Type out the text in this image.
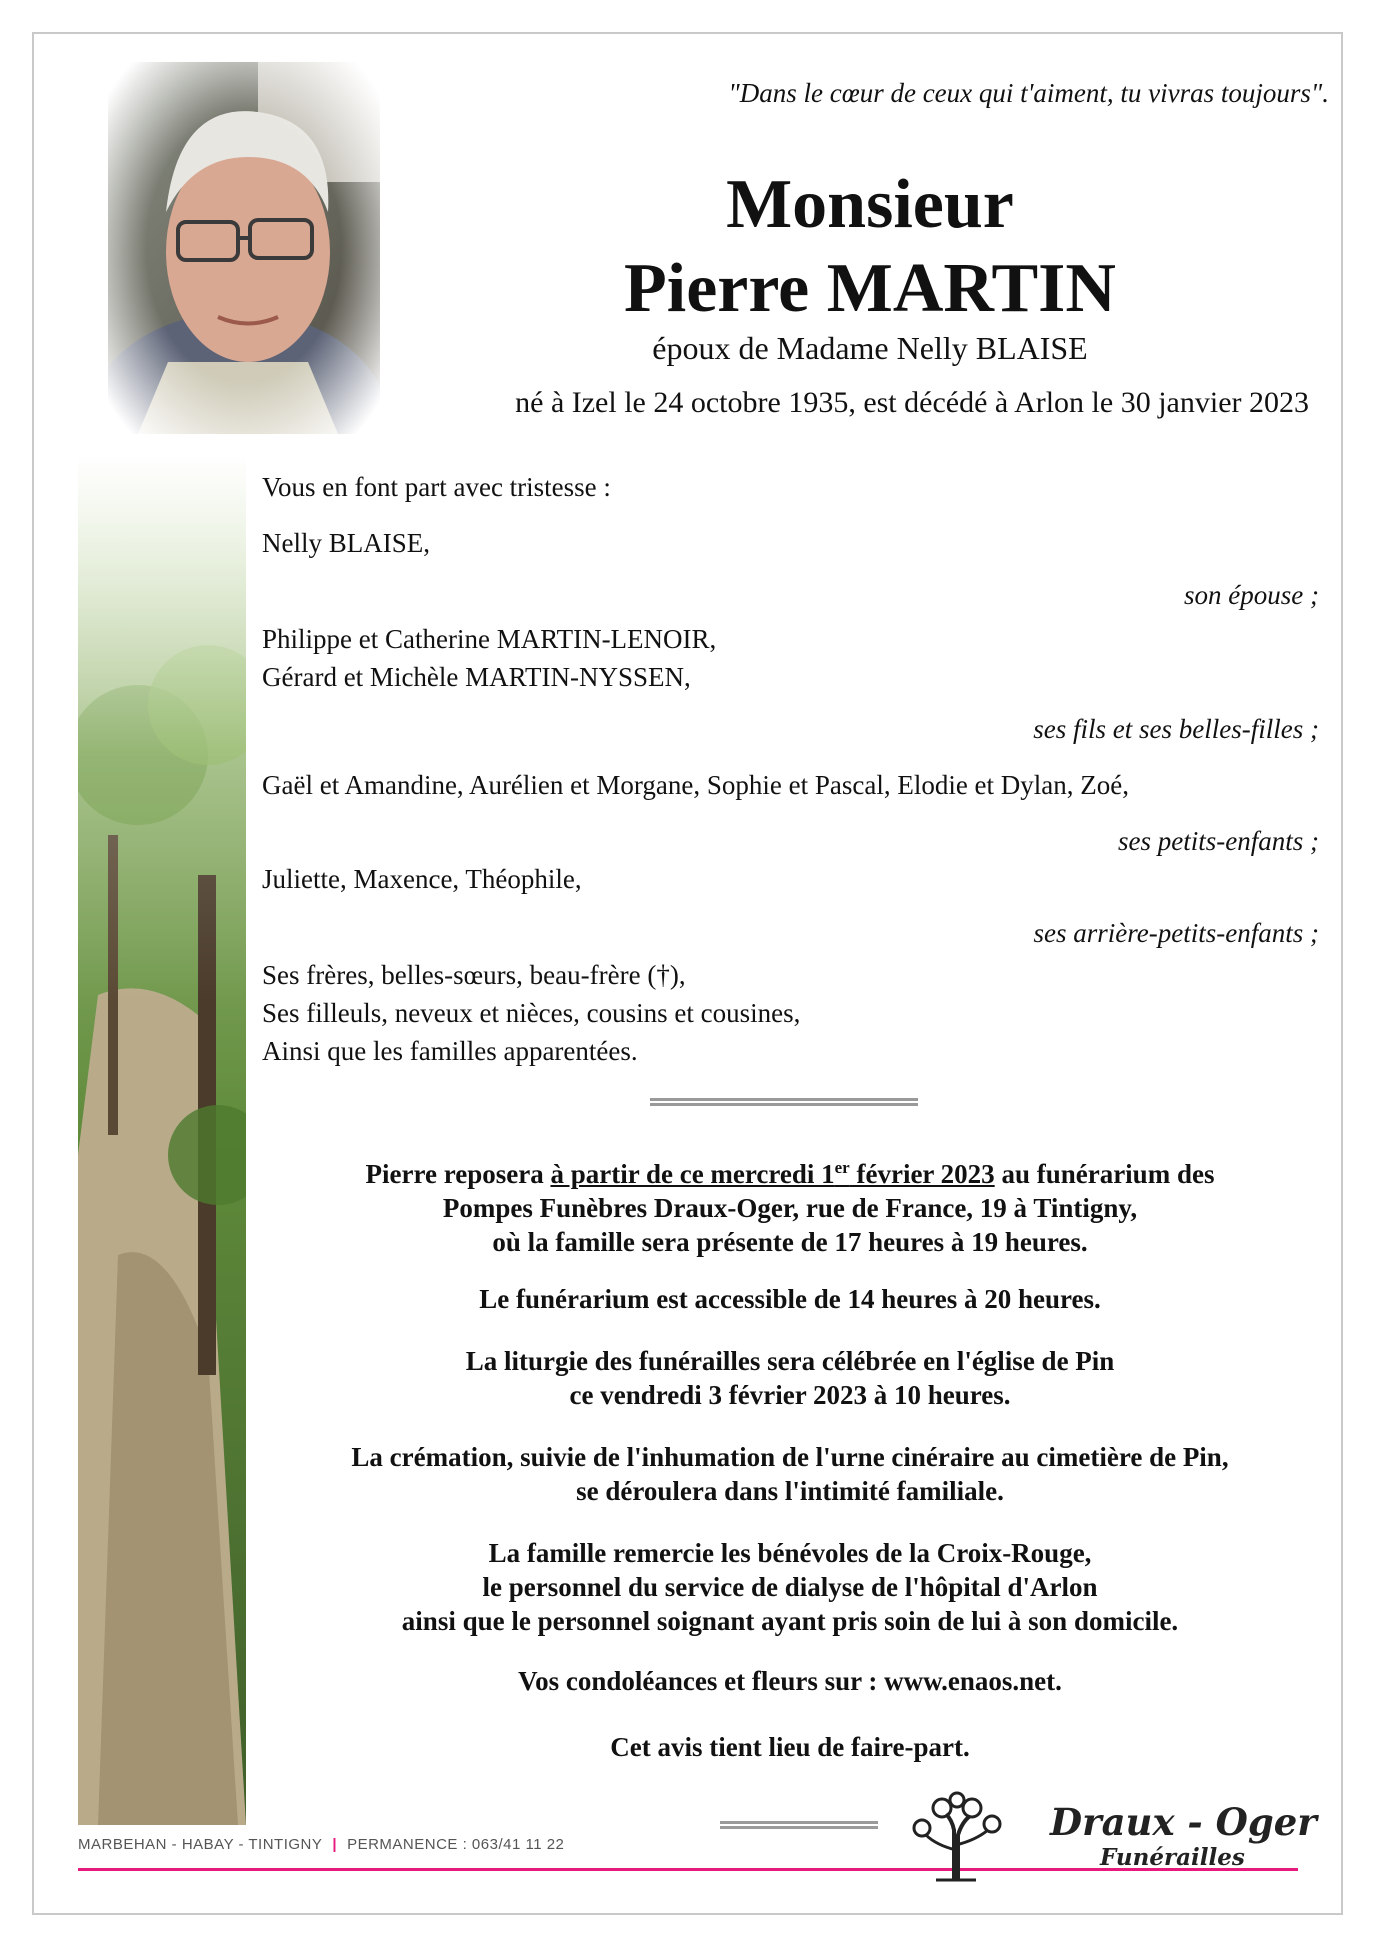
"Dans le cœur de ceux qui t'aiment, tu vivras toujours".
Monsieur
Pierre MARTIN
époux de Madame Nelly BLAISE
né à Izel le 24 octobre 1935, est décédé à Arlon le 30 janvier 2023
Vous en font part avec tristesse :
Nelly BLAISE,
son épouse ;
Philippe et Catherine MARTIN-LENOIR,
Gérard et Michèle MARTIN-NYSSEN,
ses fils et ses belles-filles ;
Gaël et Amandine, Aurélien et Morgane, Sophie et Pascal, Elodie et Dylan, Zoé,
ses petits-enfants ;
Juliette, Maxence, Théophile,
ses arrière-petits-enfants ;
Ses frères, belles-sœurs, beau-frère (†),
Ses filleuls, neveux et nièces, cousins et cousines,
Ainsi que les familles apparentées.
Pierre reposera à partir de ce mercredi 1er février 2023 au funérarium des
Pompes Funèbres Draux-Oger, rue de France, 19 à Tintigny,
où la famille sera présente de 17 heures à 19 heures.
Le funérarium est accessible de 14 heures à 20 heures.
La liturgie des funérailles sera célébrée en l'église de Pin
ce vendredi 3 février 2023 à 10 heures.
La crémation, suivie de l'inhumation de l'urne cinéraire au cimetière de Pin,
se déroulera dans l'intimité familiale.
La famille remercie les bénévoles de la Croix-Rouge,
le personnel du service de dialyse de l'hôpital d'Arlon
ainsi que le personnel soignant ayant pris soin de lui à son domicile.
Vos condoléances et fleurs sur : www.enaos.net.
Cet avis tient lieu de faire-part.
MARBEHAN - HABAY - TINTIGNY | PERMANENCE : 063/41 11 22
Draux - Oger
Funérailles
